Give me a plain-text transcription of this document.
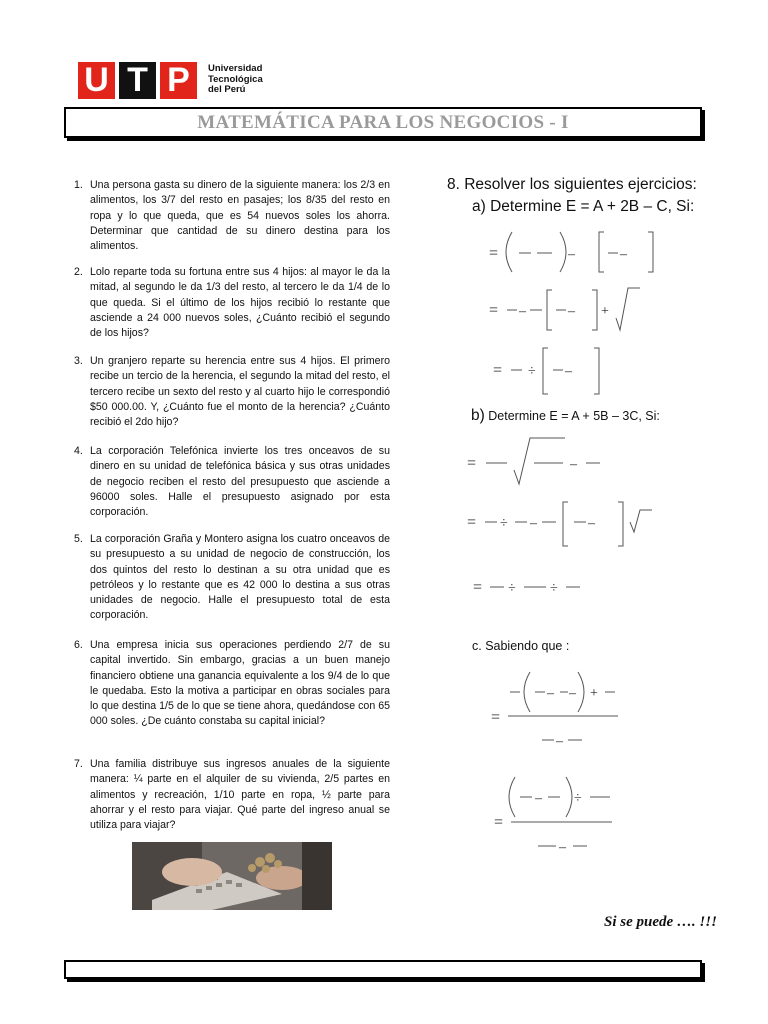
U T P	Universidad
Tecnológica
del Perú
MATEMÁTICA PARA LOS NEGOCIOS - I
1. Una persona gasta su dinero de la siguiente manera: los 2/3 en alimentos, los 3/7 del resto en pasajes; los 8/35 del resto en ropa y lo que queda, que es 54 nuevos soles los ahorra. Determinar que cantidad de su dinero destina para los alimentos.
2. Lolo reparte toda su fortuna entre sus 4 hijos: al mayor le da la mitad, al segundo le da 1/3 del resto, al tercero le da 1/4 de lo que queda. Si el último de los hijos recibió lo restante que asciende a 24 000 nuevos soles, ¿Cuánto recibió el segundo de los hijos?
3. Un granjero reparte su herencia entre sus 4 hijos. El primero recibe un tercio de la herencia, el segundo la mitad del resto, el tercero recibe un sexto del resto y al cuarto hijo le correspondió $50 000.00. Y, ¿Cuánto fue el monto de la herencia? ¿Cuánto recibió el 2do hijo?
4. La corporación Telefónica invierte los tres onceavos de su dinero en su unidad de telefónica básica y sus otras unidades de negocio reciben el resto del presupuesto que asciende a 96000 soles. Halle el presupuesto asignado por esta corporación.
5. La corporación Graña y Montero asigna los cuatro onceavos de su presupuesto a su unidad de negocio de construcción, los dos quintos del resto lo destinan a su otra unidad que es petróleos y lo restante que es 42 000 lo destina a sus otras unidades de negocio. Halle el presupuesto total de esta corporación.
6. Una empresa inicia sus operaciones perdiendo 2/7 de su capital invertido. Sin embargo, gracias a un buen manejo financiero obtiene una ganancia equivalente a los 9/4 de lo que le quedaba. Esto la motiva a participar en obras sociales para lo que destina 1/5 de lo que se tiene ahora, quedándose con 65 000 soles. ¿De cuánto constaba su capital inicial?
7. Una familia distribuye sus ingresos anuales de la siguiente manera: ¼ parte en el alquiler de su vivienda, 2/5 partes en alimentos y recreación, 1/10 parte en ropa, ½ parte para ahorrar y el resto para viajar. Qué parte del ingreso anual se utiliza para viajar?
8. Resolver los siguientes ejercicios:
a) Determine E = A + 2B – C, Si:
b) Determine E = A + 5B – 3C, Si:
c. Sabiendo que :
=	–	–
= –	– +
= ÷ –
=	–
= ÷ –	–
= ÷ ÷
– – +
=
–
– ÷
=
–
Si se puede …. !!!
